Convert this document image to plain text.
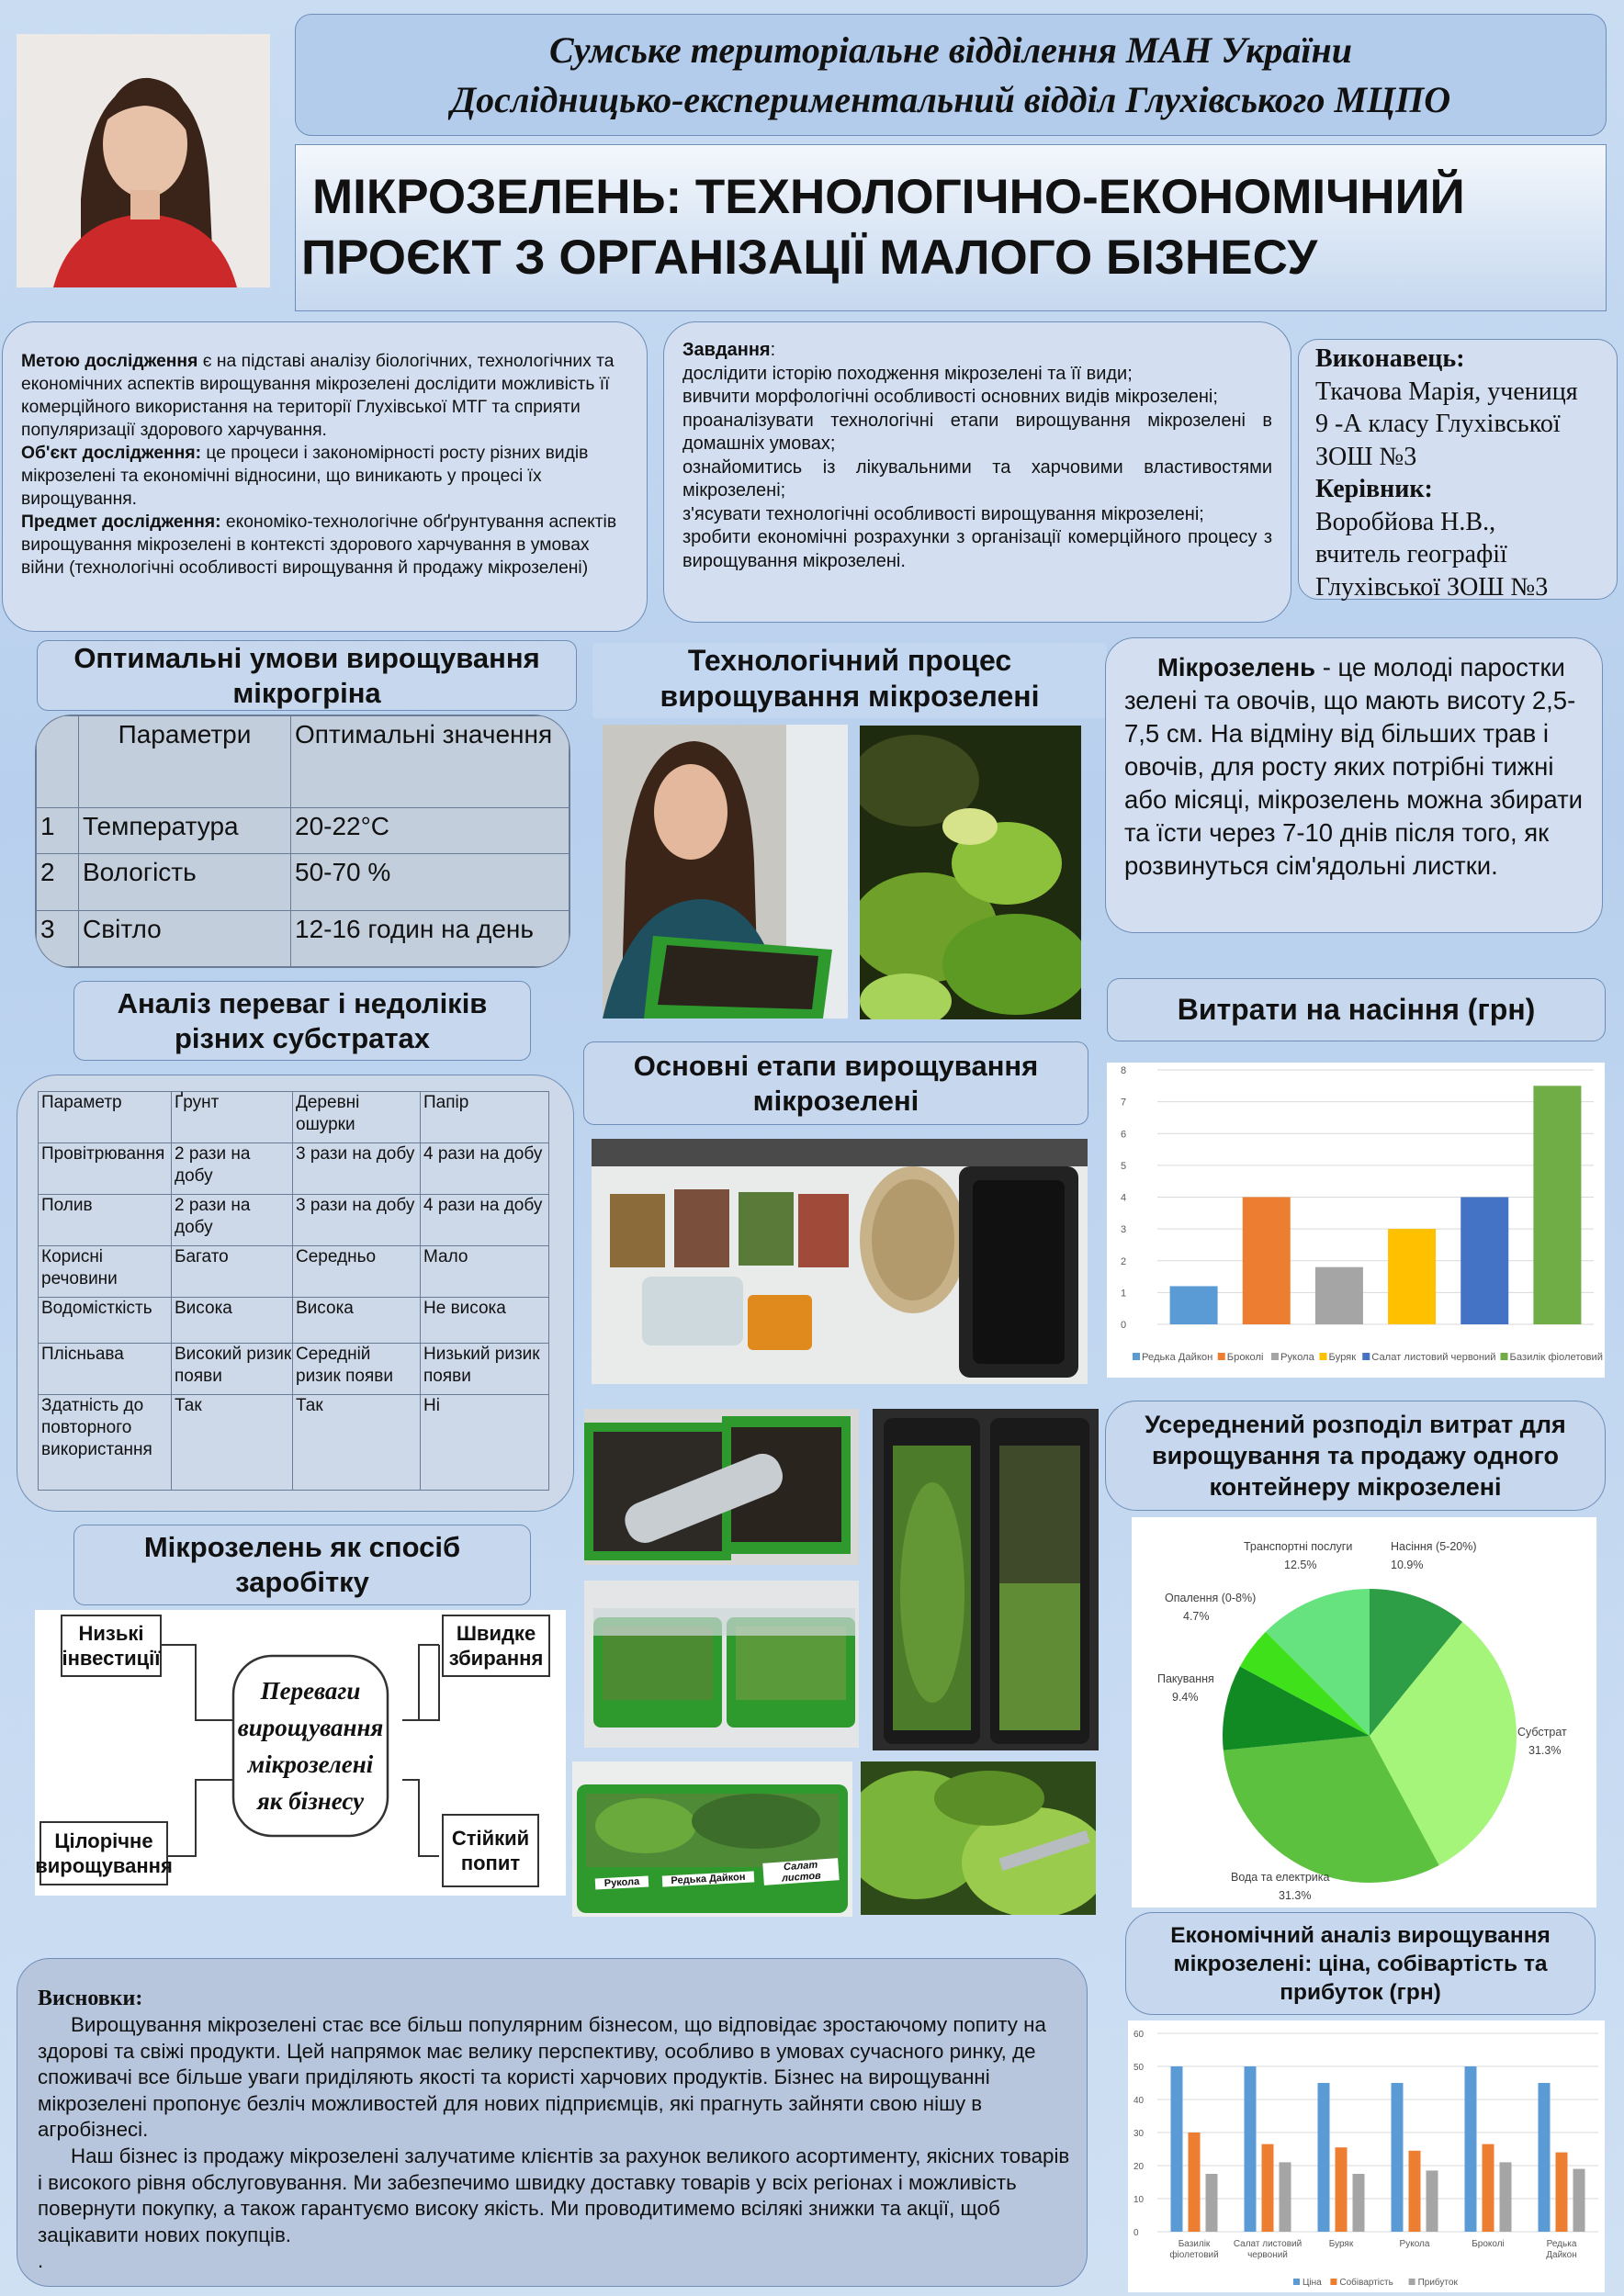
Сумське територіальне відділення МАН України
Дослідницько-експериментальний відділ Глухівського МЦПО
МІКРОЗЕЛЕНЬ: ТЕХНОЛОГІЧНО-ЕКОНОМІЧНИЙ
ПРОЄКТ З ОРГАНІЗАЦІЇ МАЛОГО БІЗНЕСУ
Метою дослідження є на підставі аналізу біологічних, технологічних та економічних аспектів вирощування мікрозелені дослідити можливість її комерційного використання на території Глухівської МТГ та сприяти популяризації здорового харчування.
Об'єкт дослідження: це процеси і закономірності росту різних видів мікрозелені та економічні відносини, що виникають у процесі їх вирощування.
Предмет дослідження: економіко-технологічне обґрунтування аспектів вирощування мікрозелені в контексті здорового харчування в умовах війни (технологічні особливості вирощування й продажу мікрозелені)
Завдання:
дослідити історію походження мікрозелені та її види;
вивчити морфологічні особливості основних видів мікрозелені;
проаналізувати технологічні етапи вирощування мікрозелені в домашніх умовах;
ознайомитись із лікувальними та харчовими властивостями мікрозелені;
з'ясувати технологічні особливості вирощування мікрозелені;
зробити економічні розрахунки з організації комерційного процесу з вирощування мікрозелені.
Виконавець:
Ткачова Марія, учениця
9 -А класу Глухівської
ЗОШ №3
Керівник:
Воробйова Н.В.,
вчитель географії
Глухівської ЗОШ №3
Оптимальні умови вирощування мікрогріна
	Параметри	Оптимальні значення
1	Температура	20-22°С
2	Вологість	50-70 %
3	Світло	12-16 годин на день
Технологічний процес вирощування мікрозелені
Мікрозелень - це молоді паростки зелені та овочів, що мають висоту 2,5-7,5 см. На відміну від більших трав і овочів, для росту яких потрібні тижні або місяці, мікрозелень можна збирати та їсти через 7-10 днів після того, як розвинуться сім'ядольні листки.
Витрати на насіння (грн)
0
1
2
3
4
5
6
7
8
Редька Дайкон Броколі Рукола Буряк Салат листовий червоний Базилік фіолетовий
Аналіз переваг і недоліків різних субстратах
Параметр	Ґрунт	Деревні ошурки	Папір
Провітрювання	2 рази на добу	3 рази на добу	4 рази на добу
Полив	2 рази на добу	3 рази на добу	4 рази на добу
Корисні речовини	Багато	Середньо	Мало
Водомісткість	Висока	Висока	Не висока
Плісньава	Високий ризик появи	Середній ризик появи	Низький ризик появи
Здатність до повторного використання	Так	Так	Ні
Основні етапи вирощування мікрозелені
Рукола	Редька Дайкон
Салат листов
Усереднений розподіл витрат для вирощування та продажу одного контейнеру мікрозелені
Насіння (5-20%)
10.9%
Субстрат
31.3%
Вода та електрика
31.3%
Пакування
9.4%
Опалення (0-8%)
4.7%
Транспортні послуги
12.5%
Мікрозелень як спосіб заробітку
Низькі інвестиції
Швидке збирання
Цілорічне вирощування
Стійкий попит
Переваги вирощування мікрозелені як бізнесу
Висновки:
Вирощування мікрозелені стає все більш популярним бізнесом, що відповідає зростаючому попиту на здорові та свіжі продукти. Цей напрямок має велику перспективу, особливо в умовах сучасного ринку, де споживачі все більше уваги приділяють якості та користі харчових продуктів. Бізнес на вирощуванні мікрозелені пропонує безліч можливостей для нових підприємців, які прагнуть зайняти свою нішу в агробізнесі.
Наш бізнес із продажу мікрозелені залучатиме клієнтів за рахунок великого асортименту, якісних товарів і високого рівня обслуговування. Ми забезпечимо швидку доставку товарів у всіх регіонах і можливість повернути покупку, а також гарантуємо високу якість. Ми проводитимемо всілякі знижки та акції, щоб зацікавити нових покупців.
.
Економічний аналіз вирощування мікрозелені: ціна, собівартість та прибуток (грн)
0
10
20
30
40
50
60
Базилік
фіолетовий
Салат листовий
червоний
Буряк	Рукола	Броколі	Редька
Дайкон
Ціна Собівартість	Прибуток
